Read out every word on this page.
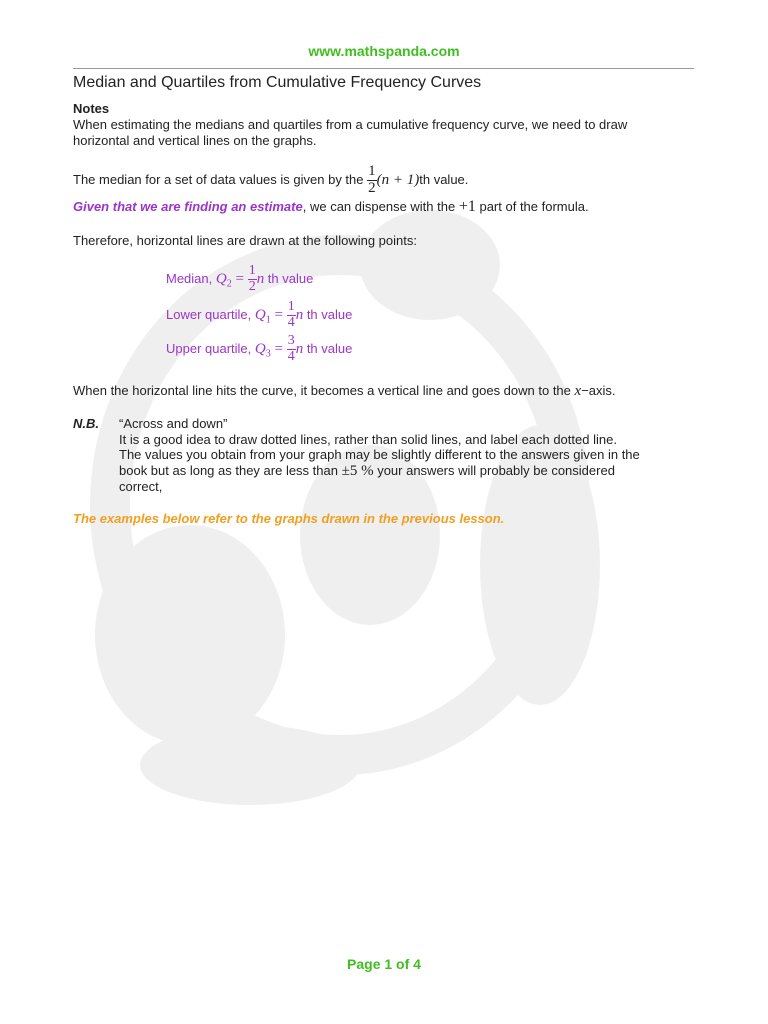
www.mathspanda.com
Median and Quartiles from Cumulative Frequency Curves
Notes
When estimating the medians and quartiles from a cumulative frequency curve, we need to draw
horizontal and vertical lines on the graphs.
The median for a set of data values is given by the $\frac{1}{2} (n + 1)th$ value.
Given that we are finding an estimate, we can dispense with the +1 part of the formula.
Therefore, horizontal lines are drawn at the following points:
Median, $Q_2 = \frac{1}{2}$ n th value
Lower quartile, $Q_1 = \frac{1}{4}$ n th value
Upper quartile, $Q_3 = \frac{3}{4}$ n th value
When the horizontal line hits the curve, it becomes a vertical line and goes down to the x−axis.
N.B. “Across and down”
It is a good idea to draw dotted lines, rather than solid lines, and label each dotted line.
The values you obtain from your graph may be slightly different to the answers given in the
book but as long as they are less than ±5 % your answers will probably be considered
correct,
The examples below refer to the graphs drawn in the previous lesson.
Page 1 of 4
